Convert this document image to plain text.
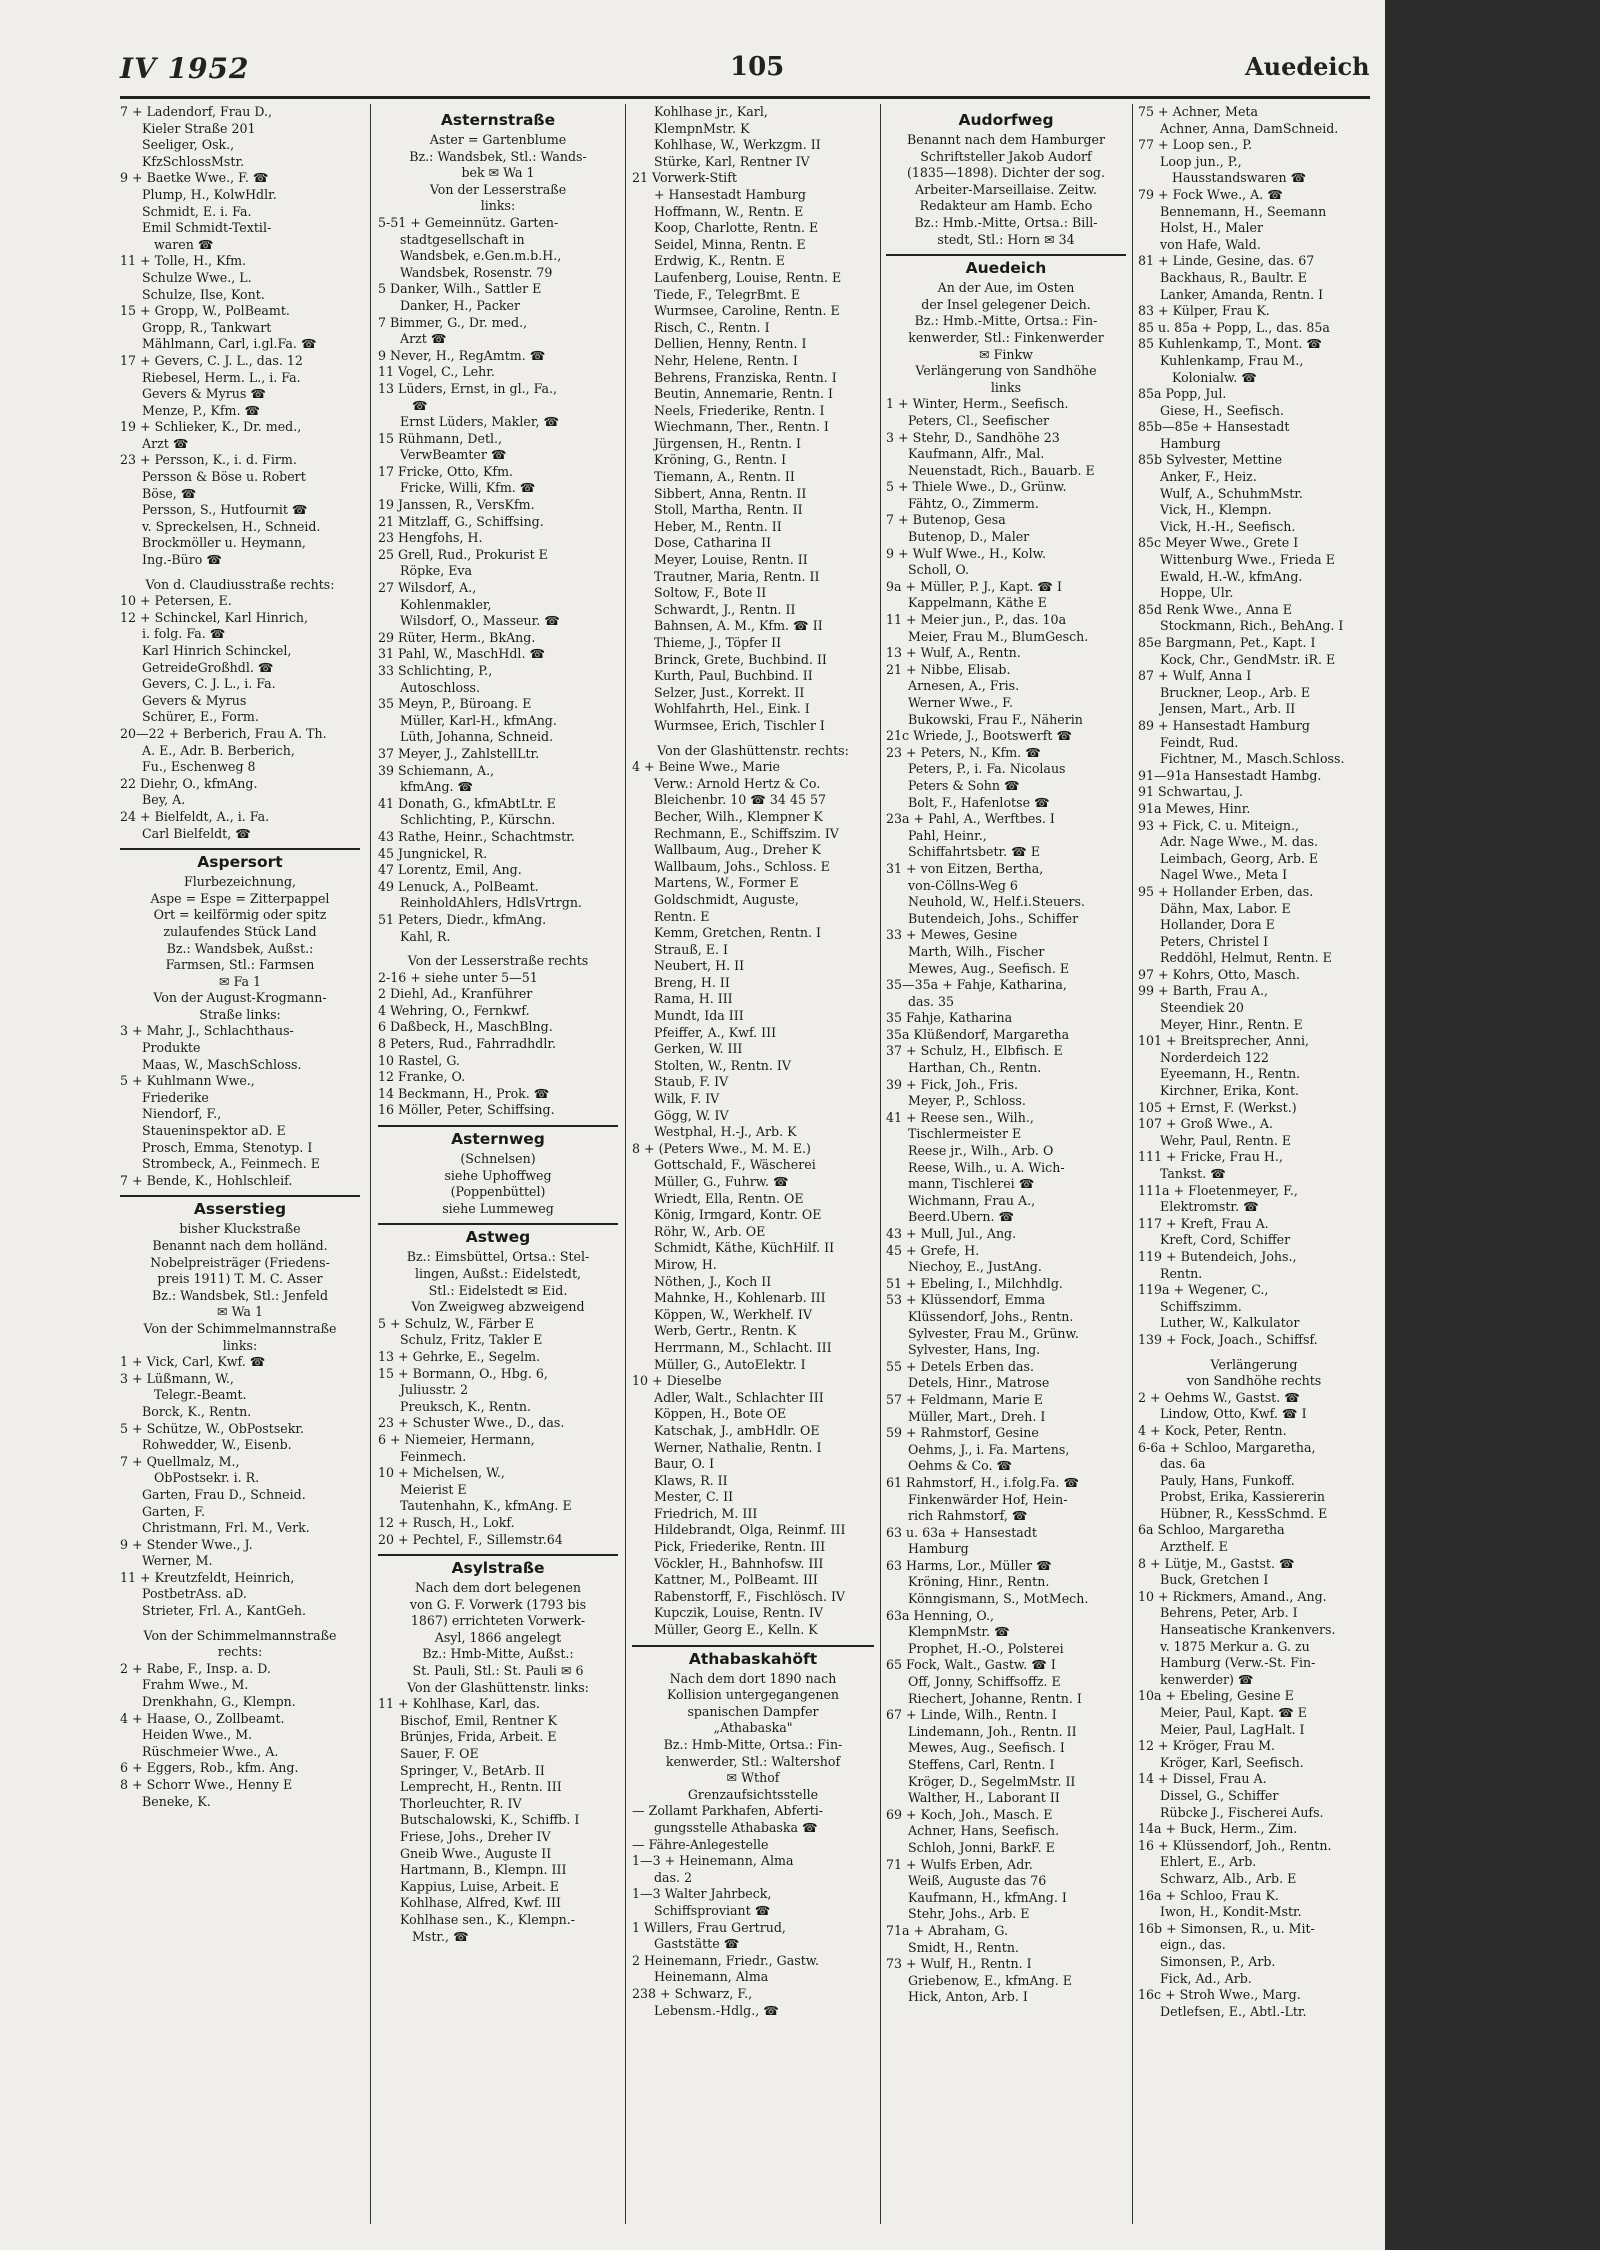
IV 1952	105	Auedeich
7 + Ladendorf, Frau D.,
Kieler Straße 201
Seeliger, Osk.,
KfzSchlossMstr.
9 + Baetke Wwe., F. ☎
Plump, H., KolwHdlr.
Schmidt, E. i. Fa.
Emil Schmidt-Textil-
waren ☎
11 + Tolle, H., Kfm.
Schulze Wwe., L.
Schulze, Ilse, Kont.
15 + Gropp, W., PolBeamt.
Gropp, R., Tankwart
Mählmann, Carl, i.gl.Fa. ☎
17 + Gevers, C. J. L., das. 12
Riebesel, Herm. L., i. Fa.
Gevers & Myrus ☎
Menze, P., Kfm. ☎
19 + Schlieker, K., Dr. med.,
Arzt ☎
23 + Persson, K., i. d. Firm.
Persson & Böse u. Robert
Böse, ☎
Persson, S., Hutfournit ☎
v. Spreckelsen, H., Schneid.
Brockmöller u. Heymann,
Ing.-Büro ☎
Von d. Claudiusstraße rechts:
10 + Petersen, E.
12 + Schinckel, Karl Hinrich,
i. folg. Fa. ☎
Karl Hinrich Schinckel,
GetreideGroßhdl. ☎
Gevers, C. J. L., i. Fa.
Gevers & Myrus
Schürer, E., Form.
20—22 + Berberich, Frau A. Th.
A. E., Adr. B. Berberich,
Fu., Eschenweg 8
22 Diehr, O., kfmAng.
Bey, A.
24 + Bielfeldt, A., i. Fa.
Carl Bielfeldt, ☎
Aspersort
Flurbezeichnung,
Aspe = Espe = Zitterpappel
Ort = keilförmig oder spitz
zulaufendes Stück Land
Bz.: Wandsbek, Außst.:
Farmsen, Stl.: Farmsen
✉ Fa 1
Von der August-Krogmann-
Straße links:
3 + Mahr, J., Schlachthaus-
Produkte
Maas, W., MaschSchloss.
5 + Kuhlmann Wwe.,
Friederike
Niendorf, F.,
Staueninspektor aD. E
Prosch, Emma, Stenotyp. I
Strombeck, A., Feinmech. E
7 + Bende, K., Hohlschleif.
Asserstieg
bisher Kluckstraße
Benannt nach dem holländ.
Nobelpreisträger (Friedens-
preis 1911) T. M. C. Asser
Bz.: Wandsbek, Stl.: Jenfeld
✉ Wa 1
Von der Schimmelmannstraße
links:
1 + Vick, Carl, Kwf. ☎
3 + Lüßmann, W.,
Telegr.-Beamt.
Borck, K., Rentn.
5 + Schütze, W., ObPostsekr.
Rohwedder, W., Eisenb.
7 + Quellmalz, M.,
ObPostsekr. i. R.
Garten, Frau D., Schneid.
Garten, F.
Christmann, Frl. M., Verk.
9 + Stender Wwe., J.
Werner, M.
11 + Kreutzfeldt, Heinrich,
PostbetrAss. aD.
Strieter, Frl. A., KantGeh.
Von der Schimmelmannstraße
rechts:
2 + Rabe, F., Insp. a. D.
Frahm Wwe., M.
Drenkhahn, G., Klempn.
4 + Haase, O., Zollbeamt.
Heiden Wwe., M.
Rüschmeier Wwe., A.
6 + Eggers, Rob., kfm. Ang.
8 + Schorr Wwe., Henny E
Beneke, K.
Asternstraße
Aster = Gartenblume
Bz.: Wandsbek, Stl.: Wands-
bek ✉ Wa 1
Von der Lesserstraße
links:
5-51 + Gemeinnütz. Garten-
stadtgesellschaft in
Wandsbek, e.Gen.m.b.H.,
Wandsbek, Rosenstr. 79
5 Danker, Wilh., Sattler E
Danker, H., Packer
7 Bimmer, G., Dr. med.,
Arzt ☎
9 Never, H., RegAmtm. ☎
11 Vogel, C., Lehr.
13 Lüders, Ernst, in gl., Fa.,
☎
Ernst Lüders, Makler, ☎
15 Rühmann, Detl.,
VerwBeamter ☎
17 Fricke, Otto, Kfm.
Fricke, Willi, Kfm. ☎
19 Janssen, R., VersKfm.
21 Mitzlaff, G., Schiffsing.
23 Hengfohs, H.
25 Grell, Rud., Prokurist E
Röpke, Eva
27 Wilsdorf, A.,
Kohlenmakler,
Wilsdorf, O., Masseur. ☎
29 Rüter, Herm., BkAng.
31 Pahl, W., MaschHdl. ☎
33 Schlichting, P.,
Autoschloss.
35 Meyn, P., Büroang. E
Müller, Karl-H., kfmAng.
Lüth, Johanna, Schneid.
37 Meyer, J., ZahlstellLtr.
39 Schiemann, A.,
kfmAng. ☎
41 Donath, G., kfmAbtLtr. E
Schlichting, P., Kürschn.
43 Rathe, Heinr., Schachtmstr.
45 Jungnickel, R.
47 Lorentz, Emil, Ang.
49 Lenuck, A., PolBeamt.
ReinholdAhlers, HdlsVrtrgn.
51 Peters, Diedr., kfmAng.
Kahl, R.
Von der Lesserstraße rechts
2-16 + siehe unter 5—51
2 Diehl, Ad., Kranführer
4 Wehring, O., Fernkwf.
6 Daßbeck, H., MaschBlng.
8 Peters, Rud., Fahrradhdlr.
10 Rastel, G.
12 Franke, O.
14 Beckmann, H., Prok. ☎
16 Möller, Peter, Schiffsing.
Asternweg
(Schnelsen)
siehe Uphoffweg
(Poppenbüttel)
siehe Lummeweg
Astweg
Bz.: Eimsbüttel, Ortsa.: Stel-
lingen, Außst.: Eidelstedt,
Stl.: Eidelstedt ✉ Eid.
Von Zweigweg abzweigend
5 + Schulz, W., Färber E
Schulz, Fritz, Takler E
13 + Gehrke, E., Segelm.
15 + Bormann, O., Hbg. 6,
Juliusstr. 2
Preuksch, K., Rentn.
23 + Schuster Wwe., D., das.
6 + Niemeier, Hermann,
Feinmech.
10 + Michelsen, W.,
Meierist E
Tautenhahn, K., kfmAng. E
12 + Rusch, H., Lokf.
20 + Pechtel, F., Sillemstr.64
Asylstraße
Nach dem dort belegenen
von G. F. Vorwerk (1793 bis
1867) errichteten Vorwerk-
Asyl, 1866 angelegt
Bz.: Hmb-Mitte, Außst.:
St. Pauli, Stl.: St. Pauli ✉ 6
Von der Glashüttenstr. links:
11 + Kohlhase, Karl, das.
Bischof, Emil, Rentner K
Brünjes, Frida, Arbeit. E
Sauer, F. OE
Springer, V., BetArb. II
Lemprecht, H., Rentn. III
Thorleuchter, R. IV
Butschalowski, K., Schiffb. I
Friese, Johs., Dreher IV
Gneib Wwe., Auguste II
Hartmann, B., Klempn. III
Kappius, Luise, Arbeit. E
Kohlhase, Alfred, Kwf. III
Kohlhase sen., K., Klempn.-
Mstr., ☎
Kohlhase jr., Karl,
KlempnMstr. K
Kohlhase, W., Werkzgm. II
Stürke, Karl, Rentner IV
21 Vorwerk-Stift
+ Hansestadt Hamburg
Hoffmann, W., Rentn. E
Koop, Charlotte, Rentn. E
Seidel, Minna, Rentn. E
Erdwig, K., Rentn. E
Laufenberg, Louise, Rentn. E
Tiede, F., TelegrBmt. E
Wurmsee, Caroline, Rentn. E
Risch, C., Rentn. I
Dellien, Henny, Rentn. I
Nehr, Helene, Rentn. I
Behrens, Franziska, Rentn. I
Beutin, Annemarie, Rentn. I
Neels, Friederike, Rentn. I
Wiechmann, Ther., Rentn. I
Jürgensen, H., Rentn. I
Kröning, G., Rentn. I
Tiemann, A., Rentn. II
Sibbert, Anna, Rentn. II
Stoll, Martha, Rentn. II
Heber, M., Rentn. II
Dose, Catharina II
Meyer, Louise, Rentn. II
Trautner, Maria, Rentn. II
Soltow, F., Bote II
Schwardt, J., Rentn. II
Bahnsen, A. M., Kfm. ☎ II
Thieme, J., Töpfer II
Brinck, Grete, Buchbind. II
Kurth, Paul, Buchbind. II
Selzer, Just., Korrekt. II
Wohlfahrth, Hel., Eink. I
Wurmsee, Erich, Tischler I
Von der Glashüttenstr. rechts:
4 + Beine Wwe., Marie
Verw.: Arnold Hertz & Co.
Bleichenbr. 10 ☎ 34 45 57
Becher, Wilh., Klempner K
Rechmann, E., Schiffszim. IV
Wallbaum, Aug., Dreher K
Wallbaum, Johs., Schloss. E
Martens, W., Former E
Goldschmidt, Auguste,
Rentn. E
Kemm, Gretchen, Rentn. I
Strauß, E. I
Neubert, H. II
Breng, H. II
Rama, H. III
Mundt, Ida III
Pfeiffer, A., Kwf. III
Gerken, W. III
Stolten, W., Rentn. IV
Staub, F. IV
Wilk, F. IV
Gögg, W. IV
Westphal, H.-J., Arb. K
8 + (Peters Wwe., M. M. E.)
Gottschald, F., Wäscherei
Müller, G., Fuhrw. ☎
Wriedt, Ella, Rentn. OE
König, Irmgard, Kontr. OE
Röhr, W., Arb. OE
Schmidt, Käthe, KüchHilf. II
Mirow, H.
Nöthen, J., Koch II
Mahnke, H., Kohlenarb. III
Köppen, W., Werkhelf. IV
Werb, Gertr., Rentn. K
Herrmann, M., Schlacht. III
Müller, G., AutoElektr. I
10 + Dieselbe
Adler, Walt., Schlachter III
Köppen, H., Bote OE
Katschak, J., ambHdlr. OE
Werner, Nathalie, Rentn. I
Baur, O. I
Klaws, R. II
Mester, C. II
Friedrich, M. III
Hildebrandt, Olga, Reinmf. III
Pick, Friederike, Rentn. III
Vöckler, H., Bahnhofsw. III
Kattner, M., PolBeamt. III
Rabenstorff, F., Fischlösch. IV
Kupczik, Louise, Rentn. IV
Müller, Georg E., Kelln. K
Athabaskahöft
Nach dem dort 1890 nach
Kollision untergegangenen
spanischen Dampfer
„Athabaska"
Bz.: Hmb-Mitte, Ortsa.: Fin-
kenwerder, Stl.: Waltershof
✉ Wthof
Grenzaufsichtsstelle
— Zollamt Parkhafen, Abferti-
gungsstelle Athabaska ☎
— Fähre-Anlegestelle
1—3 + Heinemann, Alma
das. 2
1—3 Walter Jahrbeck,
Schiffsproviant ☎
1 Willers, Frau Gertrud,
Gaststätte ☎
2 Heinemann, Friedr., Gastw.
Heinemann, Alma
238 + Schwarz, F.,
Lebensm.-Hdlg., ☎
Audorfweg
Benannt nach dem Hamburger
Schriftsteller Jakob Audorf
(1835—1898). Dichter der sog.
Arbeiter-Marseillaise. Zeitw.
Redakteur am Hamb. Echo
Bz.: Hmb.-Mitte, Ortsa.: Bill-
stedt, Stl.: Horn ✉ 34
Auedeich
An der Aue, im Osten
der Insel gelegener Deich.
Bz.: Hmb.-Mitte, Ortsa.: Fin-
kenwerder, Stl.: Finkenwerder
✉ Finkw
Verlängerung von Sandhöhe
links
1 + Winter, Herm., Seefisch.
Peters, Cl., Seefischer
3 + Stehr, D., Sandhöhe 23
Kaufmann, Alfr., Mal.
Neuenstadt, Rich., Bauarb. E
5 + Thiele Wwe., D., Grünw.
Fähtz, O., Zimmerm.
7 + Butenop, Gesa
Butenop, D., Maler
9 + Wulf Wwe., H., Kolw.
Scholl, O.
9a + Müller, P. J., Kapt. ☎ I
Kappelmann, Käthe E
11 + Meier jun., P., das. 10a
Meier, Frau M., BlumGesch.
13 + Wulf, A., Rentn.
21 + Nibbe, Elisab.
Arnesen, A., Fris.
Werner Wwe., F.
Bukowski, Frau F., Näherin
21c Wriede, J., Bootswerft ☎
23 + Peters, N., Kfm. ☎
Peters, P., i. Fa. Nicolaus
Peters & Sohn ☎
Bolt, F., Hafenlotse ☎
23a + Pahl, A., Werftbes. I
Pahl, Heinr.,
Schiffahrtsbetr. ☎ E
31 + von Eitzen, Bertha,
von-Cöllns-Weg 6
Neuhold, W., Helf.i.Steuers.
Butendeich, Johs., Schiffer
33 + Mewes, Gesine
Marth, Wilh., Fischer
Mewes, Aug., Seefisch. E
35—35a + Fahje, Katharina,
das. 35
35 Fahje, Katharina
35a Klüßendorf, Margaretha
37 + Schulz, H., Elbfisch. E
Harthan, Ch., Rentn.
39 + Fick, Joh., Fris.
Meyer, P., Schloss.
41 + Reese sen., Wilh.,
Tischlermeister E
Reese jr., Wilh., Arb. O
Reese, Wilh., u. A. Wich-
mann, Tischlerei ☎
Wichmann, Frau A.,
Beerd.Ubern. ☎
43 + Mull, Jul., Ang.
45 + Grefe, H.
Niechoy, E., JustAng.
51 + Ebeling, I., Milchhdlg.
53 + Klüssendorf, Emma
Klüssendorf, Johs., Rentn.
Sylvester, Frau M., Grünw.
Sylvester, Hans, Ing.
55 + Detels Erben das.
Detels, Hinr., Matrose
57 + Feldmann, Marie E
Müller, Mart., Dreh. I
59 + Rahmstorf, Gesine
Oehms, J., i. Fa. Martens,
Oehms & Co. ☎
61 Rahmstorf, H., i.folg.Fa. ☎
Finkenwärder Hof, Hein-
rich Rahmstorf, ☎
63 u. 63a + Hansestadt
Hamburg
63 Harms, Lor., Müller ☎
Kröning, Hinr., Rentn.
Könngismann, S., MotMech.
63a Henning, O.,
KlempnMstr. ☎
Prophet, H.-O., Polsterei
65 Fock, Walt., Gastw. ☎ I
Off, Jonny, Schiffsoffz. E
Riechert, Johanne, Rentn. I
67 + Linde, Wilh., Rentn. I
Lindemann, Joh., Rentn. II
Mewes, Aug., Seefisch. I
Steffens, Carl, Rentn. I
Kröger, D., SegelmMstr. II
Walther, H., Laborant II
69 + Koch, Joh., Masch. E
Achner, Hans, Seefisch.
Schloh, Jonni, BarkF. E
71 + Wulfs Erben, Adr.
Weiß, Auguste das 76
Kaufmann, H., kfmAng. I
Stehr, Johs., Arb. E
71a + Abraham, G.
Smidt, H., Rentn.
73 + Wulf, H., Rentn. I
Griebenow, E., kfmAng. E
Hick, Anton, Arb. I
75 + Achner, Meta
Achner, Anna, DamSchneid.
77 + Loop sen., P.
Loop jun., P.,
Hausstandswaren ☎
79 + Fock Wwe., A. ☎
Bennemann, H., Seemann
Holst, H., Maler
von Hafe, Wald.
81 + Linde, Gesine, das. 67
Backhaus, R., Baultr. E
Lanker, Amanda, Rentn. I
83 + Külper, Frau K.
85 u. 85a + Popp, L., das. 85a
85 Kuhlenkamp, T., Mont. ☎
Kuhlenkamp, Frau M.,
Kolonialw. ☎
85a Popp, Jul.
Giese, H., Seefisch.
85b—85e + Hansestadt
Hamburg
85b Sylvester, Mettine
Anker, F., Heiz.
Wulf, A., SchuhmMstr.
Vick, H., Klempn.
Vick, H.-H., Seefisch.
85c Meyer Wwe., Grete I
Wittenburg Wwe., Frieda E
Ewald, H.-W., kfmAng.
Hoppe, Ulr.
85d Renk Wwe., Anna E
Stockmann, Rich., BehAng. I
85e Bargmann, Pet., Kapt. I
Kock, Chr., GendMstr. iR. E
87 + Wulf, Anna I
Bruckner, Leop., Arb. E
Jensen, Mart., Arb. II
89 + Hansestadt Hamburg
Feindt, Rud.
Fichtner, M., Masch.Schloss.
91—91a Hansestadt Hambg.
91 Schwartau, J.
91a Mewes, Hinr.
93 + Fick, C. u. Miteign.,
Adr. Nage Wwe., M. das.
Leimbach, Georg, Arb. E
Nagel Wwe., Meta I
95 + Hollander Erben, das.
Dähn, Max, Labor. E
Hollander, Dora E
Peters, Christel I
Reddöhl, Helmut, Rentn. E
97 + Kohrs, Otto, Masch.
99 + Barth, Frau A.,
Steendiek 20
Meyer, Hinr., Rentn. E
101 + Breitsprecher, Anni,
Norderdeich 122
Eyeemann, H., Rentn.
Kirchner, Erika, Kont.
105 + Ernst, F. (Werkst.)
107 + Groß Wwe., A.
Wehr, Paul, Rentn. E
111 + Fricke, Frau H.,
Tankst. ☎
111a + Floetenmeyer, F.,
Elektromstr. ☎
117 + Kreft, Frau A.
Kreft, Cord, Schiffer
119 + Butendeich, Johs.,
Rentn.
119a + Wegener, C.,
Schiffszimm.
Luther, W., Kalkulator
139 + Fock, Joach., Schiffsf.
Verlängerung
von Sandhöhe rechts
2 + Oehms W., Gastst. ☎
Lindow, Otto, Kwf. ☎ I
4 + Kock, Peter, Rentn.
6-6a + Schloo, Margaretha,
das. 6a
Pauly, Hans, Funkoff.
Probst, Erika, Kassiererin
Hübner, R., KessSchmd. E
6a Schloo, Margaretha
Arzthelf. E
8 + Lütje, M., Gastst. ☎
Buck, Gretchen I
10 + Rickmers, Amand., Ang.
Behrens, Peter, Arb. I
Hanseatische Krankenvers.
v. 1875 Merkur a. G. zu
Hamburg (Verw.-St. Fin-
kenwerder) ☎
10a + Ebeling, Gesine E
Meier, Paul, Kapt. ☎ E
Meier, Paul, LagHalt. I
12 + Kröger, Frau M.
Kröger, Karl, Seefisch.
14 + Dissel, Frau A.
Dissel, G., Schiffer
Rübcke J., Fischerei Aufs.
14a + Buck, Herm., Zim.
16 + Klüssendorf, Joh., Rentn.
Ehlert, E., Arb.
Schwarz, Alb., Arb. E
16a + Schloo, Frau K.
Iwon, H., Kondit-Mstr.
16b + Simonsen, R., u. Mit-
eign., das.
Simonsen, P., Arb.
Fick, Ad., Arb.
16c + Stroh Wwe., Marg.
Detlefsen, E., Abtl.-Ltr.
